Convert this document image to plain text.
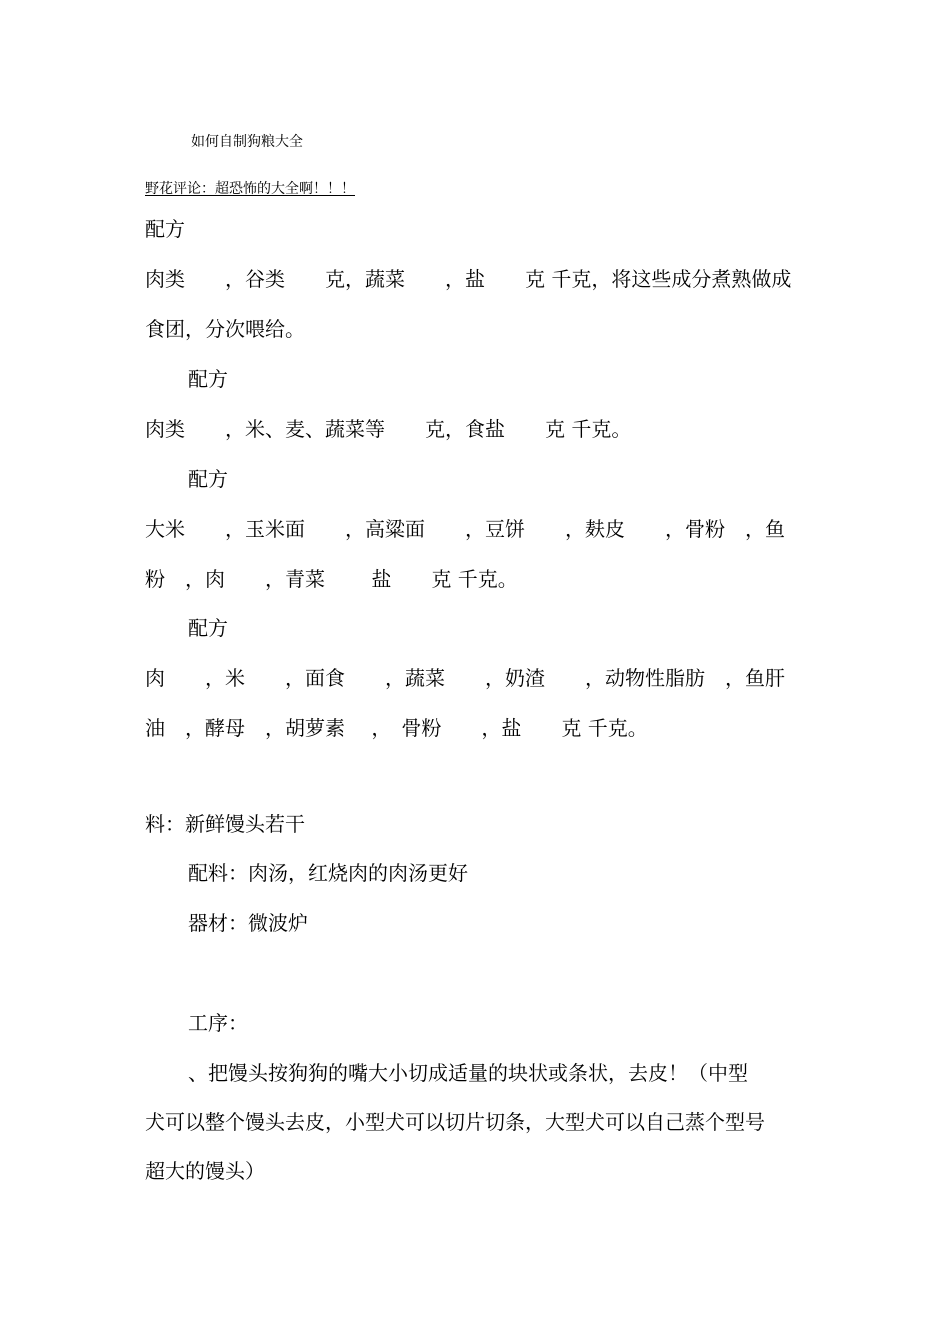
如何自制狗粮大全
野花评论：超恐怖的大全啊！！！
配方
肉类　　，谷类　　克，蔬菜　　，盐　　克 千克，将这些成分煮熟做成
食团，分次喂给。
配方
肉类　　，米、麦、蔬菜等　　克，食盐　　克 千克。
配方
大米　　，玉米面　　，高粱面　　，豆饼　　，麸皮　　，骨粉　，鱼
粉　，肉　　，青菜　　 盐　　克 千克。
配方
肉　　，米　　，面食　　，蔬菜　　，奶渣　　，动物性脂肪　，鱼肝
油　，酵母　，胡萝素　 ，　骨粉　　，盐　　克 千克。
料：新鲜馒头若干
配料：肉汤，红烧肉的肉汤更好
器材：微波炉
工序：
、把馒头按狗狗的嘴大小切成适量的块状或条状，去皮！（中型
犬可以整个馒头去皮，小型犬可以切片切条，大型犬可以自己蒸个型号
超大的馒头）
